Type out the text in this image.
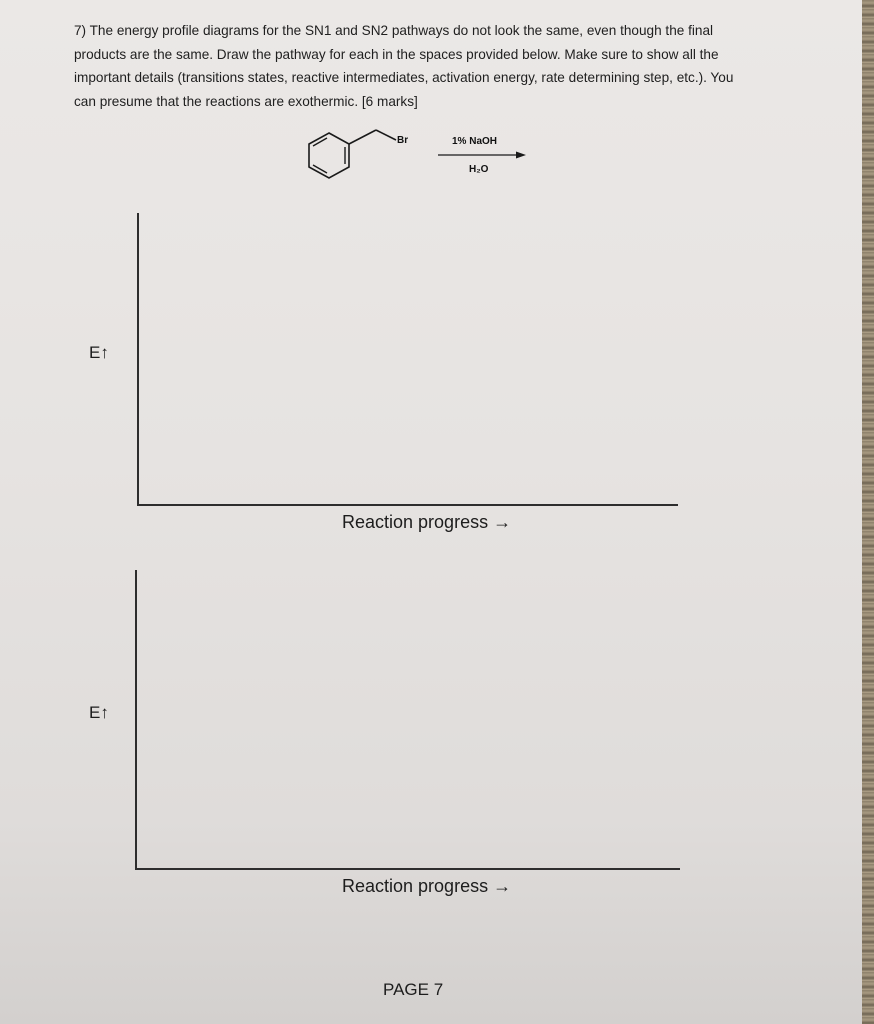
7) The energy profile diagrams for the SN1 and SN2 pathways do not look the same, even though the final products are the same. Draw the pathway for each in the spaces provided below. Make sure to show all the important details (transitions states, reactive intermediates, activation energy, rate determining step, etc.). You can presume that the reactions are exothermic. [6 marks]
Br	1% NaOH
H₂O
E↑
Reaction progress →
E↑
Reaction progress →
PAGE 7
